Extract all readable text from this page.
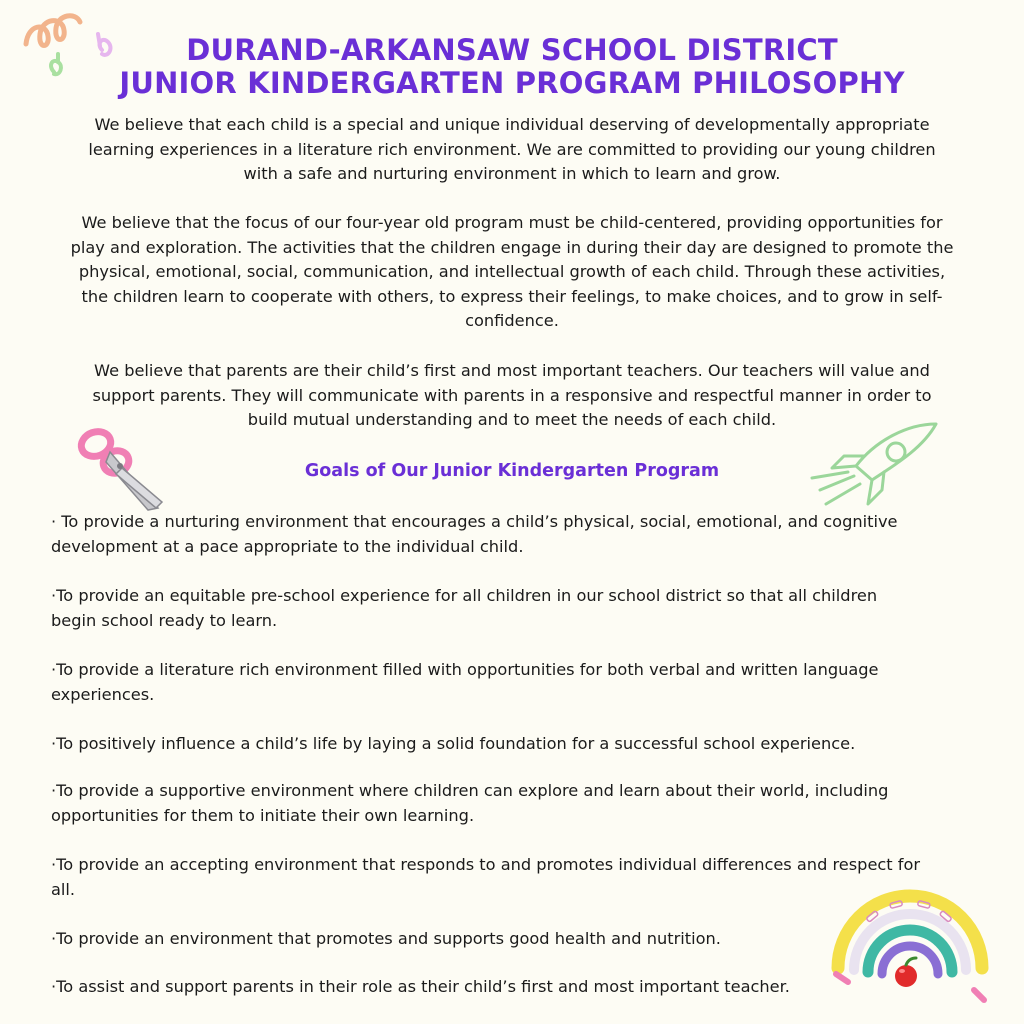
DURAND-ARKANSAW SCHOOL DISTRICT
JUNIOR KINDERGARTEN PROGRAM PHILOSOPHY
We believe that each child is a special and unique individual deserving of developmentally appropriate
learning experiences in a literature rich environment. We are committed to providing our young children
with a safe and nurturing environment in which to learn and grow.
We believe that the focus of our four-year old program must be child-centered, providing opportunities for
play and exploration. The activities that the children engage in during their day are designed to promote the
physical, emotional, social, communication, and intellectual growth of each child. Through these activities,
the children learn to cooperate with others, to express their feelings, to make choices, and to grow in self-
confidence.
We believe that parents are their child’s first and most important teachers. Our teachers will value and
support parents. They will communicate with parents in a responsive and respectful manner in order to
build mutual understanding and to meet the needs of each child.
Goals of Our Junior Kindergarten Program
· To provide a nurturing environment that encourages a child’s physical, social, emotional, and cognitive
development at a pace appropriate to the individual child.
·To provide an equitable pre-school experience for all children in our school district so that all children
begin school ready to learn.
·To provide a literature rich environment filled with opportunities for both verbal and written language
experiences.
·To positively influence a child’s life by laying a solid foundation for a successful school experience.
·To provide a supportive environment where children can explore and learn about their world, including
opportunities for them to initiate their own learning.
·To provide an accepting environment that responds to and promotes individual differences and respect for
all.
·To provide an environment that promotes and supports good health and nutrition.
·To assist and support parents in their role as their child’s first and most important teacher.
